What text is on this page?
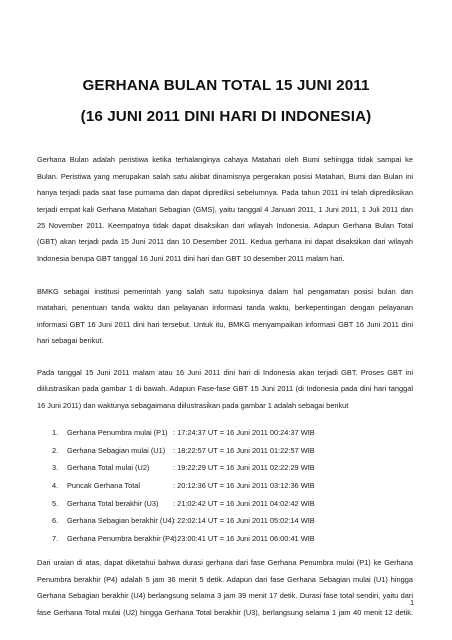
GERHANA BULAN TOTAL 15 JUNI 2011
(16 JUNI 2011 DINI HARI DI INDONESIA)
Gerhana Bulan adalah peristiwa ketika terhalanginya cahaya Matahari oleh Bumi sehingga tidak sampai ke
Bulan. Peristiwa yang merupakan salah satu akibat dinamisnya pergerakan posisi Matahari, Bumi dan Bulan ini
hanya terjadi pada saat fase purnama dan dapat diprediksi sebelumnya. Pada tahun 2011 ini telah diprediksikan
terjadi empat kali Gerhana Matahari Sebagian (GMS), yaitu tanggal 4 Januari 2011, 1 Juni 2011, 1 Juli 2011 dan
25 November 2011. Keempatnya tidak dapat disaksikan dari wilayah Indonesia. Adapun Gerhana Bulan Total
(GBT) akan terjadi pada 15 Juni 2011 dan 10 Desember 2011. Kedua gerhana ini dapat disaksikan dari wilayah
Indonesia berupa GBT tanggal 16 Juni 2011 dini hari dan GBT 10 desember 2011 malam hari.
BMKG sebagai institusi pemerintah yang salah satu tupoksinya dalam hal pengamatan posisi bulan dan
matahari, penentuan tanda waktu dan pelayanan informasi tanda waktu, berkepentingan dengan pelayanan
informasi GBT 16 Juni 2011 dini hari tersebut. Untuk itu, BMKG menyampaikan informasi GBT 16 Juni 2011 dini
hari sebagai berikut.
Pada tanggal 15 Juni 2011 malam atau 16 Juni 2011 dini hari di Indonesia akan terjadi GBT. Proses GBT ini
diilustrasikan pada gambar 1 di bawah. Adapun Fase-fase GBT 15 Juni 2011 (di Indonesia pada dini hari tanggal
16 Juni 2011) dan waktunya sebagaimana diilustrasikan pada gambar 1 adalah sebagai berikut
1. Gerhana Penumbra mulai (P1) : 17:24:37 UT = 16 Juni 2011 00:24:37 WIB
2. Gerhana Sebagian mulai (U1) : 18:22:57 UT = 16 Juni 2011 01:22:57 WIB
3. Gerhana Total mulai (U2)	: 19:22:29 UT = 16 Juni 2011 02:22:29 WIB
4. Puncak Gerhana Total	: 20:12:36 UT = 16 Juni 2011 03:12:36 WIB
5. Gerhana Total berakhir (U3) : 21:02:42 UT = 16 Juni 2011 04:02:42 WIB
6. Gerhana Sebagian berakhir (U4)
: 22:02:14 UT = 16 Juni 2011 05:02:14 WIB
7. Gerhana Penumbra berakhir (P4)
: 23:00:41 UT = 16 Juni 2011 06:00:41 WIB
Dari uraian di atas, dapat diketahui bahwa durasi gerhana dari fase Gerhana Penumbra mulai (P1) ke Gerhana
Penumbra berakhir (P4) adalah 5 jam 36 menit 5 detik. Adapun dari fase Gerhana Sebagian mulai (U1) hingga
Gerhana Sebagian berakhir (U4) berlangsung selama 3 jam 39 menit 17 detik. Durasi fase total sendiri, yaitu dari
fase Gerhana Total mulai (U2) hingga Gerhana Total berakhir (U3), berlangsung selama 1 jam 40 menit 12 detik.
1
